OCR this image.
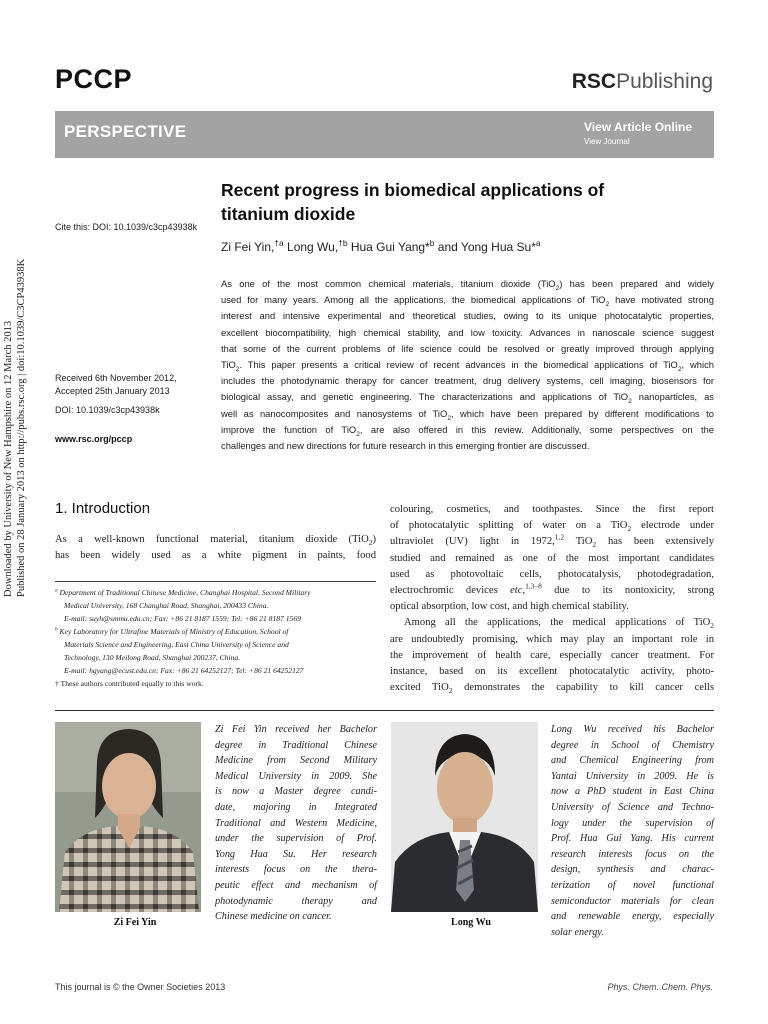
PCCP	RSCPublishing
PERSPECTIVE	View Article Online
View Journal
Downloaded by University of New Hampshire on 12 March 2013 Published on 28 January 2013 on http://pubs.rsc.org | doi:10.1039/C3CP43938K
Cite this: DOI: 10.1039/c3cp43938k
Recent progress in biomedical applications of
titanium dioxide
Zi Fei Yin,$^{\dagger a}$ Long Wu,$^{\dagger b}$ Hua Gui Yang*$^b$ and Yong Hua Su*$^a$
As one of the most common chemical materials, titanium dioxide (TiO$_2$) has been prepared and widely
used for many years. Among all the applications, the biomedical applications of TiO$_2$ have motivated strong
interest and intensive experimental and theoretical studies, owing to its unique photocatalytic properties,
excellent biocompatibility, high chemical stability, and low toxicity. Advances in nanoscale science suggest
that some of the current problems of life science could be resolved or greatly improved through applying
TiO$_2$. This paper presents a critical review of recent advances in the biomedical applications of TiO$_2$, which
includes the photodynamic therapy for cancer treatment, drug delivery systems, cell imaging, biosensors for
biological assay, and genetic engineering. The characterizations and applications of TiO$_2$ nanoparticles, as
well as nanocomposites and nanosystems of TiO$_2$, which have been prepared by different modifications to
improve the function of TiO$_2$, are also offered in this review. Additionally, some perspectives on the
challenges and new directions for future research in this emerging frontier are discussed.
Received 6th November 2012,
Accepted 25th January 2013
DOI: 10.1039/c3cp43938k
www.rsc.org/pccp
1. Introduction
As a well-known functional material, titanium dioxide (TiO$_2$)
has been widely used as a white pigment in paints, food
$^a$ Department of Traditional Chinese Medicine, Changhai Hospital, Second Military
Medical University, 168 Changhai Road, Shanghai, 200433 China.
E-mail: suyh@smmu.edu.cn; Fax: +86 21 8187 1559; Tel: +86 21 8187 1569
$^b$ Key Laboratory for Ultrafine Materials of Ministry of Education, School of
Materials Science and Engineering, East China University of Science and
Technology, 130 Meilong Road, Shanghai 200237, China.
E-mail: hgyang@ecust.edu.cn; Fax: +86 21 64252127; Tel: +86 21 64252127
† These authors contributed equally to this work.
colouring, cosmetics, and toothpastes. Since the first report
of photocatalytic splitting of water on a TiO$_2$ electrode under
ultraviolet (UV) light in 1972,$^{1,2}$ TiO$_2$ has been extensively
studied and remained as one of the most important candidates
used as photovoltaic cells, photocatalysis, photodegradation,
electrochromic devices etc,$^{1,3-8}$ due to its nontoxicity, strong
optical absorption, low cost, and high chemical stability.
Among all the applications, the medical applications of TiO$_2$
are undoubtedly promising, which may play an important role in
the improvement of health care, especially cancer treatment. For
instance, based on its excellent photocatalytic activity, photo-
excited TiO$_2$ demonstrates the capability to kill cancer cells
Zi Fei Yin
Zi Fei Yin received her Bachelor
degree in Traditional Chinese
Medicine from Second Military
Medical University in 2009. She
is now a Master degree candi-
date, majoring in Integrated
Traditional and Western Medicine,
under the supervision of Prof.
Yong Hua Su. Her research
interests focus on the thera-
peutic effect and mechanism of
photodynamic therapy and
Chinese medicine on cancer.
Long Wu
Long Wu received his Bachelor
degree in School of Chemistry
and Chemical Engineering from
Yantai University in 2009. He is
now a PhD student in East China
University of Science and Techno-
logy under the supervision of
Prof. Hua Gui Yang. His current
research interests focus on the
design, synthesis and charac-
terization of novel functional
semiconductor materials for clean
and renewable energy, especially
solar energy.
This journal is © the Owner Societies 2013	Phys. Chem. Chem. Phys.
